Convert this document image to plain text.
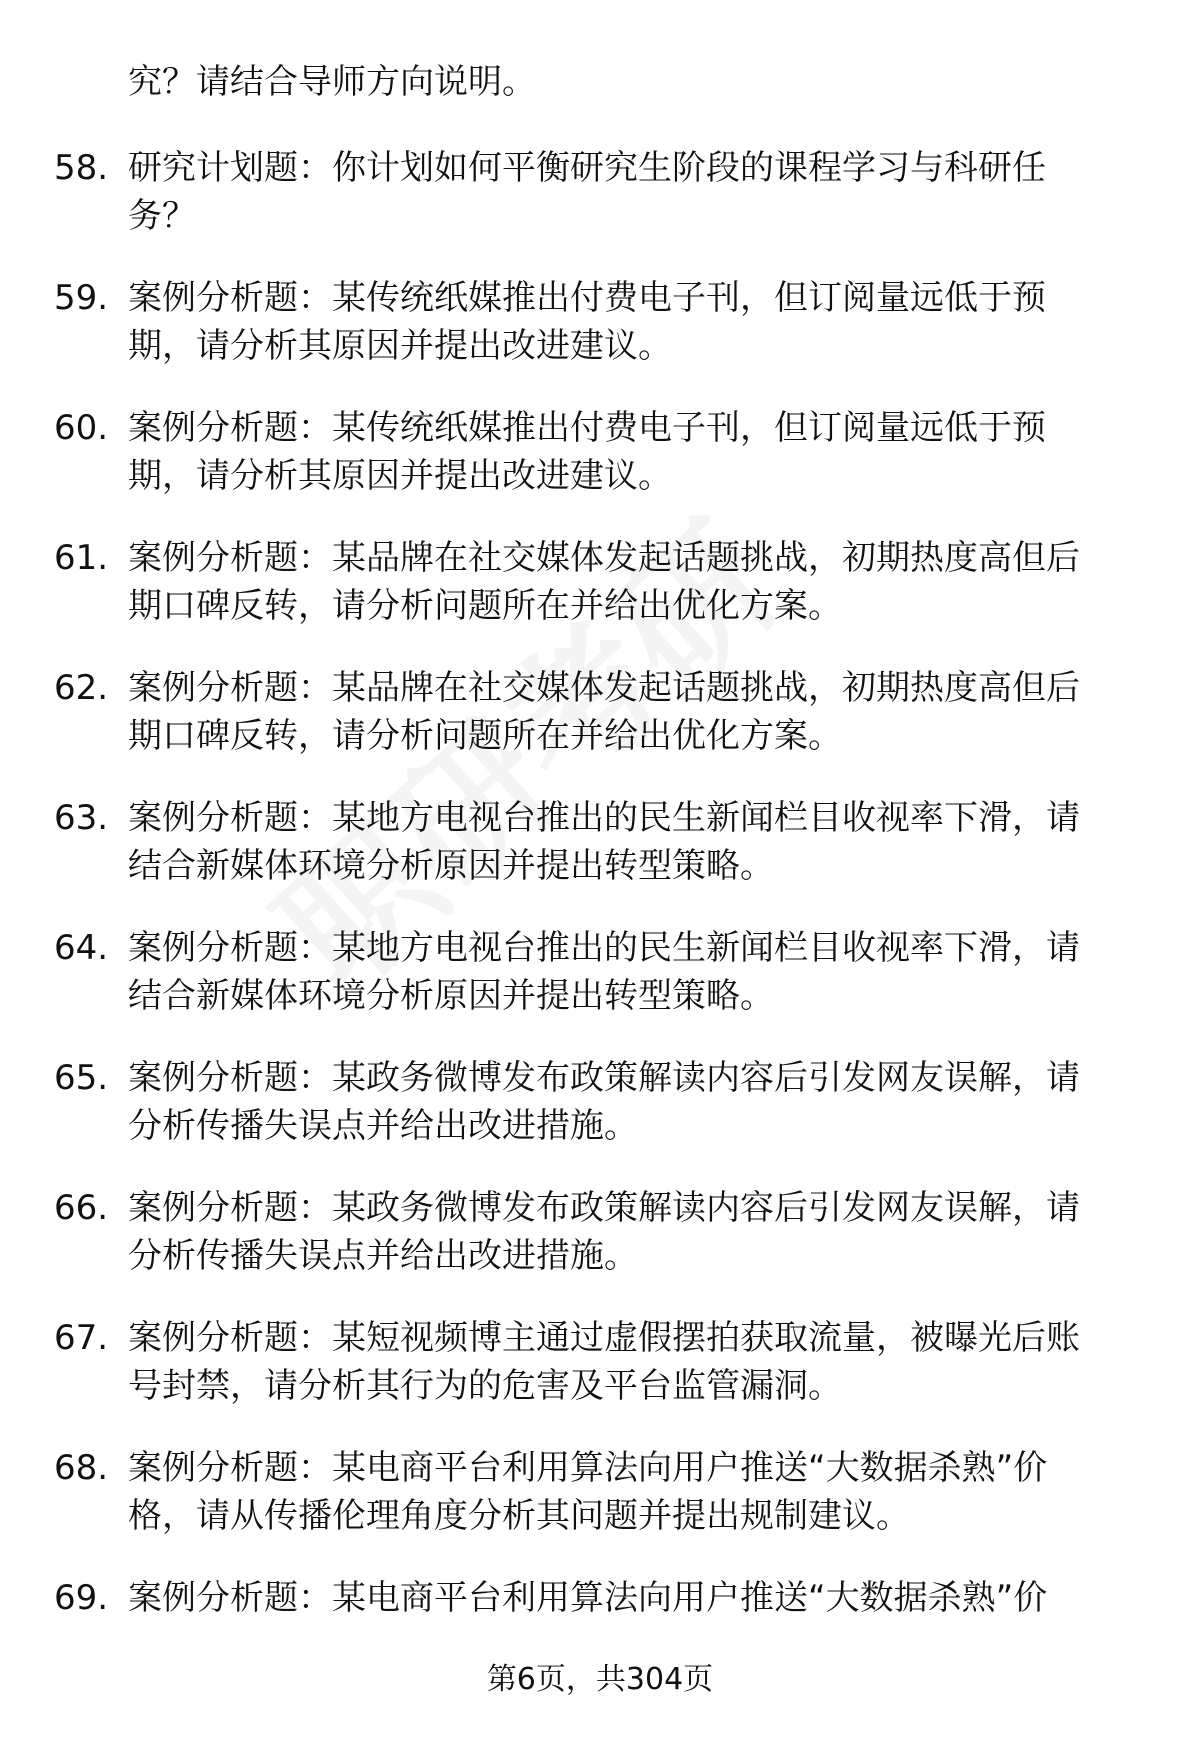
究？请结合导师方向说明。
58. 研究计划题：你计划如何平衡研究生阶段的课程学习与科研任
务？
59. 案例分析题：某传统纸媒推出付费电子刊，但订阅量远低于预
期，请分析其原因并提出改进建议。
60. 案例分析题：某传统纸媒推出付费电子刊，但订阅量远低于预
期，请分析其原因并提出改进建议。
61. 案例分析题：某品牌在社交媒体发起话题挑战，初期热度高但后
期口碑反转，请分析问题所在并给出优化方案。
62. 案例分析题：某品牌在社交媒体发起话题挑战，初期热度高但后
期口碑反转，请分析问题所在并给出优化方案。
63. 案例分析题：某地方电视台推出的民生新闻栏目收视率下滑，请
结合新媒体环境分析原因并提出转型策略。
64. 案例分析题：某地方电视台推出的民生新闻栏目收视率下滑，请
结合新媒体环境分析原因并提出转型策略。
65. 案例分析题：某政务微博发布政策解读内容后引发网友误解，请
分析传播失误点并给出改进措施。
66. 案例分析题：某政务微博发布政策解读内容后引发网友误解，请
分析传播失误点并给出改进措施。
67. 案例分析题：某短视频博主通过虚假摆拍获取流量，被曝光后账
号封禁，请分析其行为的危害及平台监管漏洞。
68. 案例分析题：某电商平台利用算法向用户推送“大数据杀熟”价
格，请从传播伦理角度分析其问题并提出规制建议。
69. 案例分析题：某电商平台利用算法向用户推送“大数据杀熟”价
第6页，共304页
